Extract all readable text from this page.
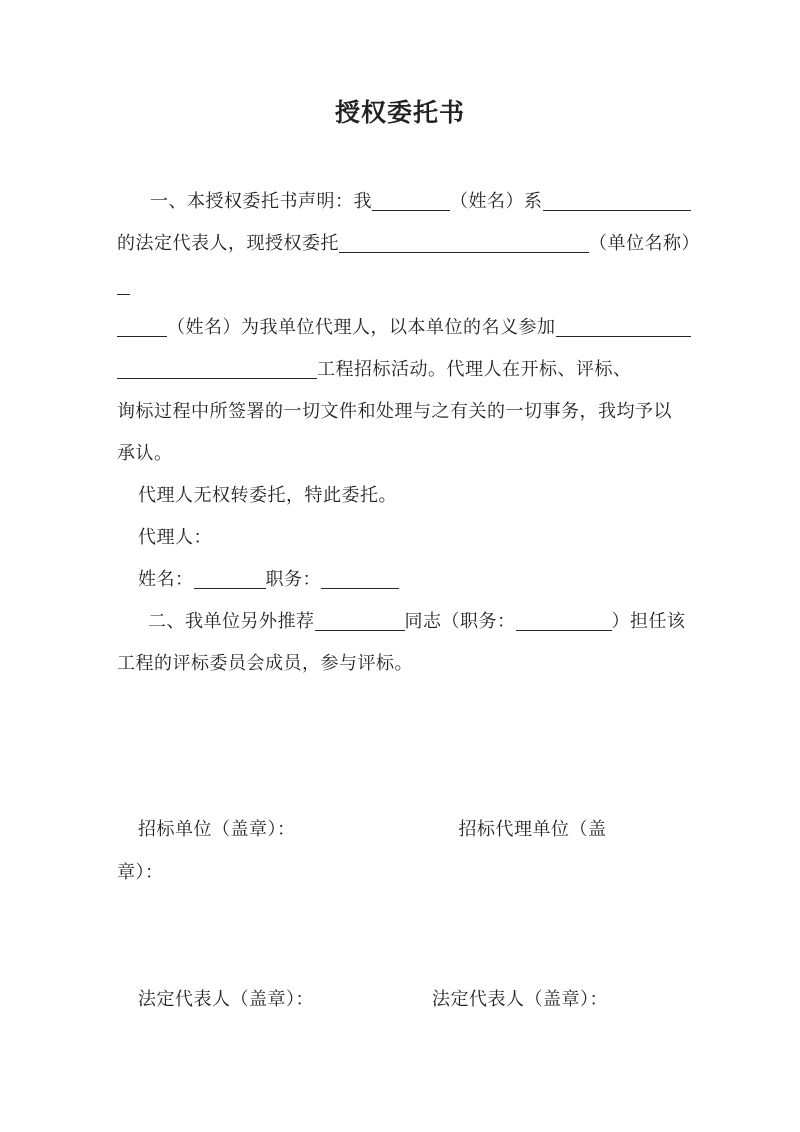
授权委托书
一、本授权委托书声明：我	（姓名）系
的法定代表人，现授权委托	（单位名称）
（姓名）为我单位代理人，以本单位的名义参加
工程招标活动。代理人在开标、评标、
询标过程中所签署的一切文件和处理与之有关的一切事务，我均予以
承认。
代理人无权转委托，特此委托。
代理人：
姓名：	职务：
二、我单位另外推荐	同志（职务：	）担任该
工程的评标委员会成员，参与评标。
招标单位（盖章）：	招标代理单位（盖
章）：
法定代表人（盖章）：	法定代表人（盖章）：
